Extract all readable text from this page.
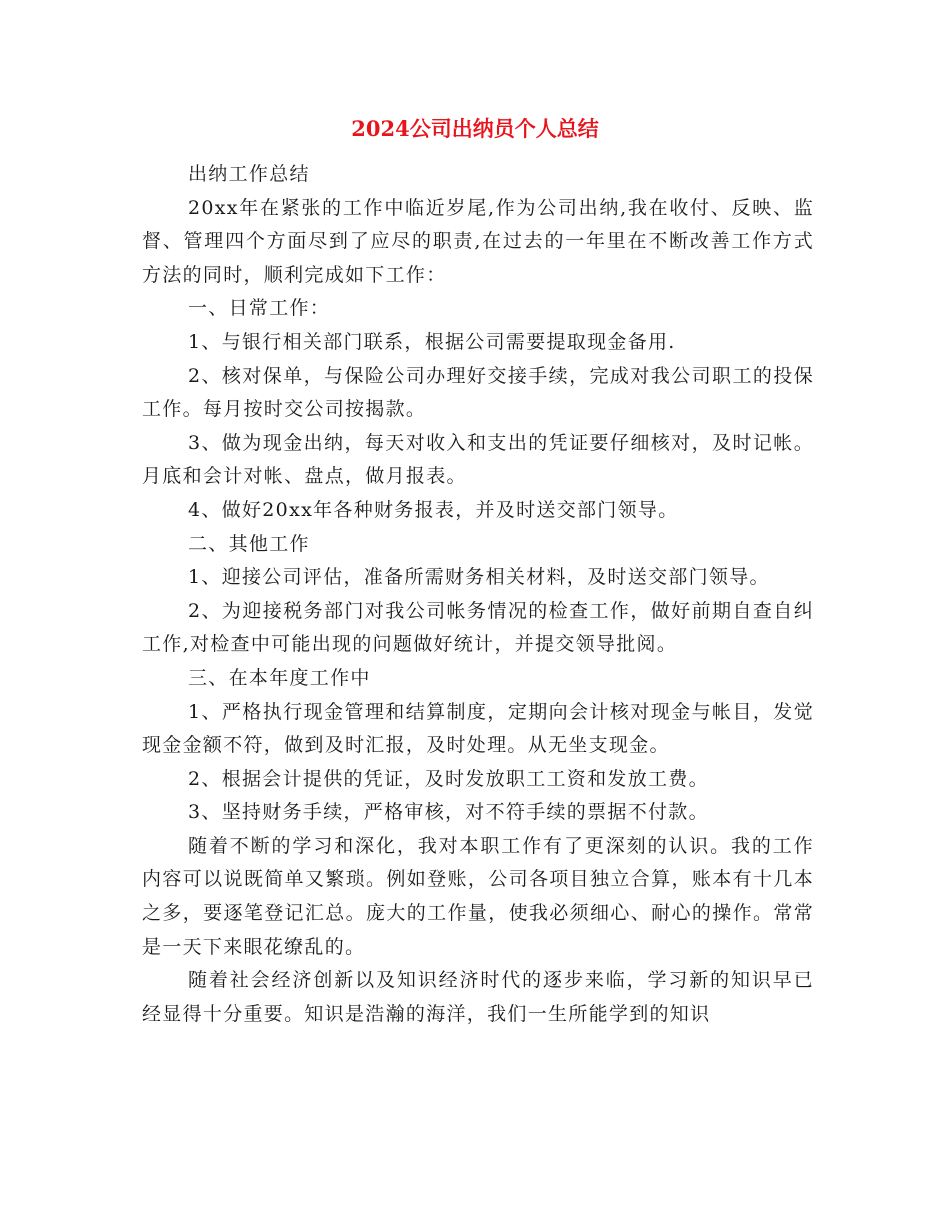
2024公司出纳员个人总结

出纳工作总结

20xx年在紧张的工作中临近岁尾,作为公司出纳,我在收付、反映、监督、管理四个方面尽到了应尽的职责,在过去的一年里在不断改善工作方式方法的同时，顺利完成如下工作：

一、日常工作：

1、与银行相关部门联系，根据公司需要提取现金备用.

2、核对保单，与保险公司办理好交接手续，完成对我公司职工的投保工作。每月按时交公司按揭款。

3、做为现金出纳，每天对收入和支出的凭证要仔细核对，及时记帐。月底和会计对帐、盘点，做月报表。

4、做好20xx年各种财务报表，并及时送交部门领导。

二、其他工作

1、迎接公司评估，准备所需财务相关材料，及时送交部门领导。

2、为迎接税务部门对我公司帐务情况的检查工作，做好前期自查自纠工作,对检查中可能出现的问题做好统计，并提交领导批阅。

三、在本年度工作中

1、严格执行现金管理和结算制度，定期向会计核对现金与帐目，发觉现金金额不符，做到及时汇报，及时处理。从无坐支现金。

2、根据会计提供的凭证，及时发放职工工资和发放工费。

3、坚持财务手续，严格审核，对不符手续的票据不付款。

随着不断的学习和深化，我对本职工作有了更深刻的认识。我的工作内容可以说既简单又繁琐。例如登账，公司各项目独立合算，账本有十几本之多，要逐笔登记汇总。庞大的工作量，使我必须细心、耐心的操作。常常是一天下来眼花缭乱的。

随着社会经济创新以及知识经济时代的逐步来临，学习新的知识早已经显得十分重要。知识是浩瀚的海洋，我们一生所能学到的知识
